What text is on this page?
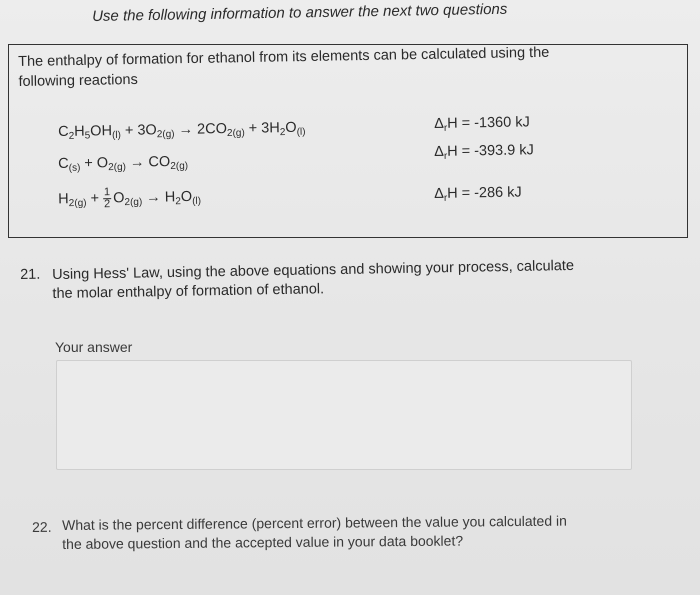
Use the following information to answer the next two questions
The enthalpy of formation for ethanol from its elements can be calculated using the
following reactions
$C_2H_5OH_{(l)} + 3O_{2(g)} \to 2CO_{2(g)} + 3H_2O_{(l)}$
$\Delta_rH = -1360$ kJ
$C_{(s)} + O_{2(g)} \to CO_{2(g)}$
$\Delta_rH = -393.9$ kJ
$H_{2(g)} + \frac{1}{2} O_{2(g)} \to H_2O_{(l)}$	$\Delta_rH = -286$ kJ
21. Using Hess' Law, using the above equations and showing your process, calculate
the molar enthalpy of formation of ethanol.
Your answer
22. What is the percent difference (percent error) between the value you calculated in
the above question and the accepted value in your data booklet?
